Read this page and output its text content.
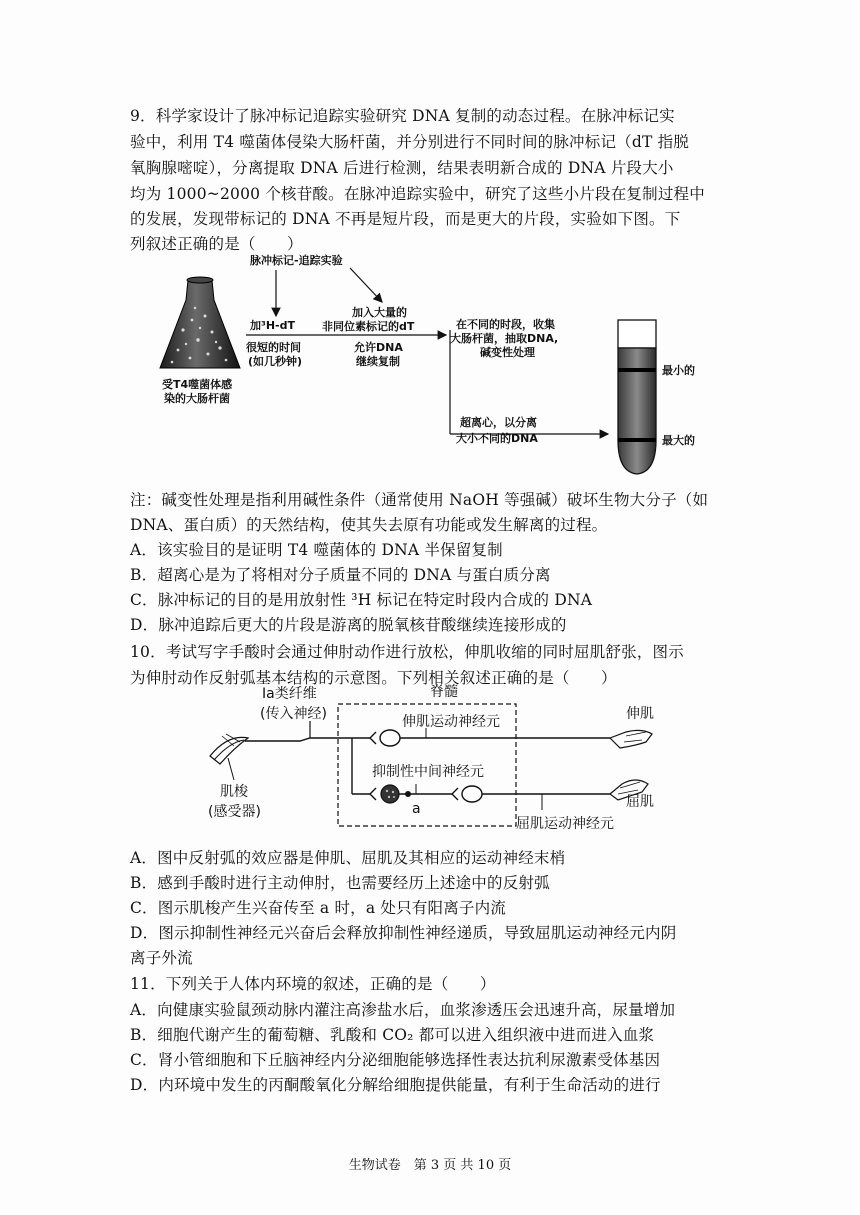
9．科学家设计了脉冲标记追踪实验研究 DNA 复制的动态过程。在脉冲标记实
验中，利用 T4 噬菌体侵染大肠杆菌，并分别进行不同时间的脉冲标记（dT 指脱
氧胸腺嘧啶），分离提取 DNA 后进行检测，结果表明新合成的 DNA 片段大小
均为 1000~2000 个核苷酸。在脉冲追踪实验中，研究了这些小片段在复制过程中
的发展，发现带标记的 DNA 不再是短片段，而是更大的片段，实验如下图。下
列叙述正确的是（　　）
受T4噬菌体感
染的大肠杆菌
脉冲标记-追踪实验
加³H-dT
很短的时间
(如几秒钟)
加入大量的
非同位素标记的dT
允许DNA
继续复制
在不同的时段，收集
大肠杆菌，抽取DNA,
碱变性处理
超离心，以分离
大小不同的DNA
最小的
最大的
注：碱变性处理是指利用碱性条件（通常使用 NaOH 等强碱）破坏生物大分子（如
DNA、蛋白质）的天然结构，使其失去原有功能或发生解离的过程。
A．该实验目的是证明 T4 噬菌体的 DNA 半保留复制
B．超离心是为了将相对分子质量不同的 DNA 与蛋白质分离
C．脉冲标记的目的是用放射性 ³H 标记在特定时段内合成的 DNA
D．脉冲追踪后更大的片段是游离的脱氧核苷酸继续连接形成的
10．考试写字手酸时会通过伸肘动作进行放松，伸肌收缩的同时屈肌舒张，图示
为伸肘动作反射弧基本结构的示意图。下列相关叙述正确的是（　　）
脊髓
Ⅰa类纤维
(传入神经)
肌梭
(感受器)
伸肌运动神经元
a
抑制性中间神经元
屈肌运动神经元
伸肌
屈肌
A．图中反射弧的效应器是伸肌、屈肌及其相应的运动神经末梢
B．感到手酸时进行主动伸肘，也需要经历上述途中的反射弧
C．图示肌梭产生兴奋传至 a 时，a 处只有阳离子内流
D．图示抑制性神经元兴奋后会释放抑制性神经递质，导致屈肌运动神经元内阴
离子外流
11．下列关于人体内环境的叙述，正确的是（　　）
A．向健康实验鼠颈动脉内灌注高渗盐水后，血浆渗透压会迅速升高，尿量增加
B．细胞代谢产生的葡萄糖、乳酸和 CO₂ 都可以进入组织液中进而进入血浆
C．肾小管细胞和下丘脑神经内分泌细胞能够选择性表达抗利尿激素受体基因
D．内环境中发生的丙酮酸氧化分解给细胞提供能量，有利于生命活动的进行
生物试卷　第 3 页 共 10 页
